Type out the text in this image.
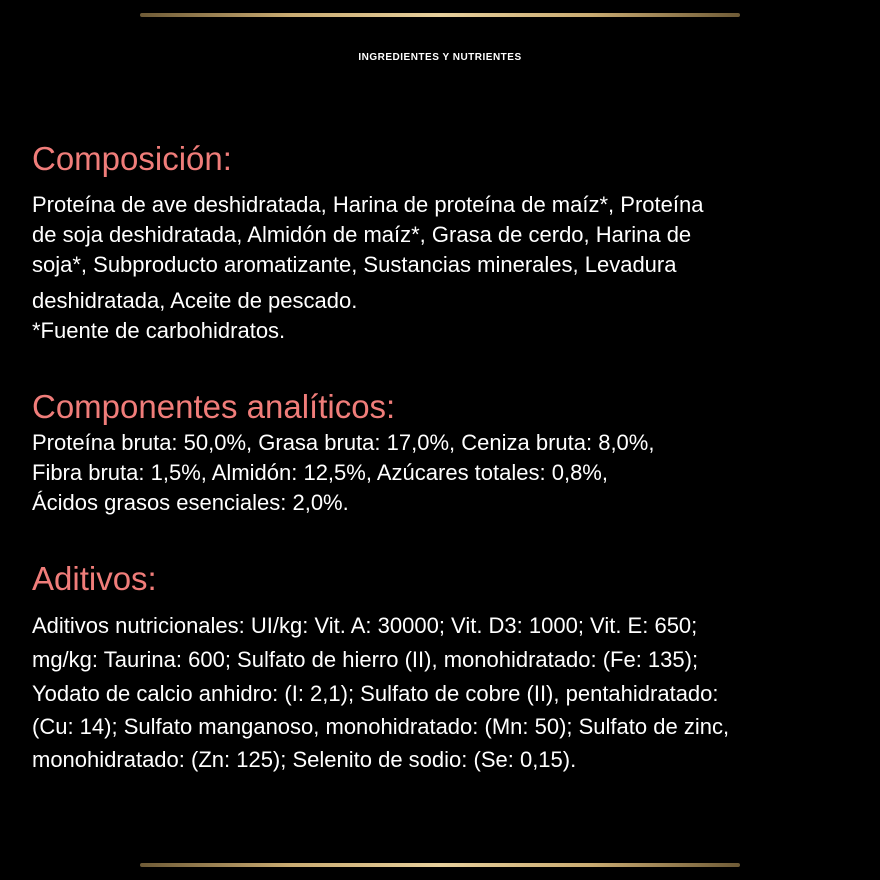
INGREDIENTES Y NUTRIENTES
Composición:

Proteína de ave deshidratada, Harina de proteína de maíz*, Proteína

de soja deshidratada, Almidón de maíz*, Grasa de cerdo, Harina de

soja*, Subproducto aromatizante, Sustancias minerales, Levadura

deshidratada, Aceite de pescado.

*Fuente de carbohidratos.

Componentes analíticos:

Proteína bruta: 50,0%, Grasa bruta: 17,0%, Ceniza bruta: 8,0%,

Fibra bruta: 1,5%, Almidón: 12,5%, Azúcares totales: 0,8%,

Ácidos grasos esenciales: 2,0%.

Aditivos:

Aditivos nutricionales: UI/kg: Vit. A: 30000; Vit. D3: 1000; Vit. E: 650;

mg/kg: Taurina: 600; Sulfato de hierro (II), monohidratado: (Fe: 135);

Yodato de calcio anhidro: (I: 2,1); Sulfato de cobre (II), pentahidratado:

(Cu: 14); Sulfato manganoso, monohidratado: (Mn: 50); Sulfato de zinc,

monohidratado: (Zn: 125); Selenito de sodio: (Se: 0,15).
